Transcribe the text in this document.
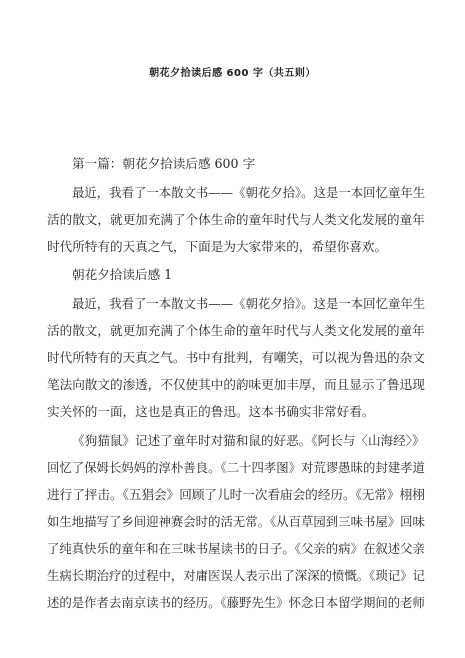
朝花夕拾读后感 600 字（共五则）
第一篇：朝花夕拾读后感 600 字
最近，我看了一本散文书——《朝花夕拾》。这是一本回忆童年生
活的散文，就更加充满了个体生命的童年时代与人类文化发展的童年
时代所特有的天真之气，下面是为大家带来的，希望你喜欢。
朝花夕拾读后感 1
最近，我看了一本散文书——《朝花夕拾》。这是一本回忆童年生
活的散文，就更加充满了个体生命的童年时代与人类文化发展的童年
时代所特有的天真之气。书中有批判，有嘲笑，可以视为鲁迅的杂文
笔法向散文的渗透，不仅使其中的韵味更加丰厚，而且显示了鲁迅现
实关怀的一面，这也是真正的鲁迅。这本书确实非常好看。
《狗猫鼠》记述了童年时对猫和鼠的好恶。《阿长与〈山海经〉》
回忆了保姆长妈妈的淳朴善良。《二十四孝图》对荒谬愚昧的封建孝道
进行了抨击。《五猖会》回顾了儿时一次看庙会的经历。《无常》栩栩
如生地描写了乡间迎神赛会时的活无常。《从百草园到三味书屋》回味
了纯真快乐的童年和在三味书屋读书的日子。《父亲的病》在叙述父亲
生病长期治疗的过程中，对庸医误人表示出了深深的愤慨。《琐记》记
述的是作者去南京读书的经历。《藤野先生》怀念日本留学期间的老师
